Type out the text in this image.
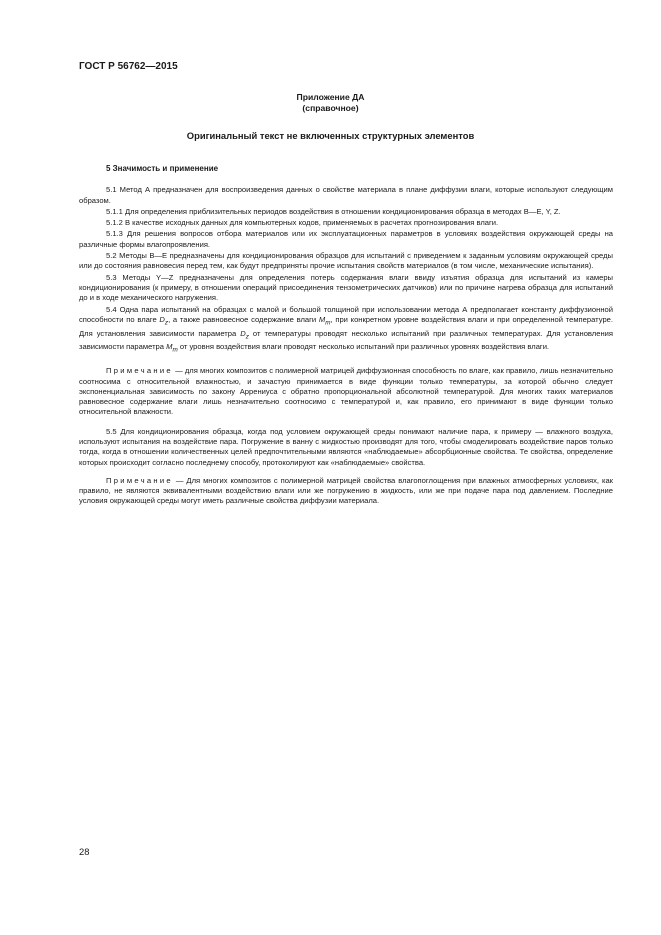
ГОСТ Р 56762—2015
Приложение ДА
(справочное)
Оригинальный текст не включенных структурных элементов
5 Значимость и применение

5.1 Метод А предназначен для воспроизведения данных о свойстве материала в плане диффузии влаги, которые используют следующим образом.

5.1.1 Для определения приблизительных периодов воздействия в отношении кондиционирования образца в методах В—E, Y, Z.

5.1.2 В качестве исходных данных для компьютерных кодов, применяемых в расчетах прогнозирования влаги.

5.1.3 Для решения вопросов отбора материалов или их эксплуатационных параметров в условиях воздействия окружающей среды на различные формы влагопроявления.

5.2 Методы В—E предназначены для кондиционирования образцов для испытаний с приведением к заданным условиям окружающей среды или до состояния равновесия перед тем, как будут предприняты прочие испытания свойств материалов (в том числе, механические испытания).

5.3 Методы Y—Z предназначены для определения потерь содержания влаги ввиду изъятия образца для испытаний из камеры кондиционирования (к примеру, в отношении операций присоединения тензометрических датчиков) или по причине нагрева образца для испытаний до и в ходе механического нагружения.

5.4 Одна пара испытаний на образцах с малой и большой толщиной при использовании метода А предполагает константу диффузионной способности по влаге $D_z$, а также равновесное содержание влаги $M_m$, при конкретном уровне воздействия влаги и при определенной температуре. Для установления зависимости параметра $D_z$ от температуры проводят несколько испытаний при различных температурах. Для установления зависимости параметра $M_m$ от уровня воздействия влаги проводят несколько испытаний при различных уровнях воздействия влаги.

Примечание — для многих композитов с полимерной матрицей диффузионная способность по влаге, как правило, лишь незначительно соотносима с относительной влажностью, и зачастую принимается в виде функции только температуры, за которой обычно следует экспоненциальная зависимость по закону Аррениуса с обратно пропорциональной абсолютной температурой. Для многих таких материалов равновесное содержание влаги лишь незначительно соотносимо с температурой и, как правило, его принимают в виде функции только относительной влажности.

5.5 Для кондиционирования образца, когда под условием окружающей среды понимают наличие пара, к примеру — влажного воздуха, используют испытания на воздействие пара. Погружение в ванну с жидкостью производят для того, чтобы смоделировать воздействие паров только тогда, когда в отношении количественных целей предпочтительными являются «наблюдаемые» абсорбционные свойства. Те свойства, определение которых происходит согласно последнему способу, протоколируют как «наблюдаемые» свойства.

Примечание — Для многих композитов с полимерной матрицей свойства влагопоглощения при влажных атмосферных условиях, как правило, не являются эквивалентными воздействию влаги или же погружению в жидкость, или же при подаче пара под давлением. Последние условия окружающей среды могут иметь различные свойства диффузии материала.

28
